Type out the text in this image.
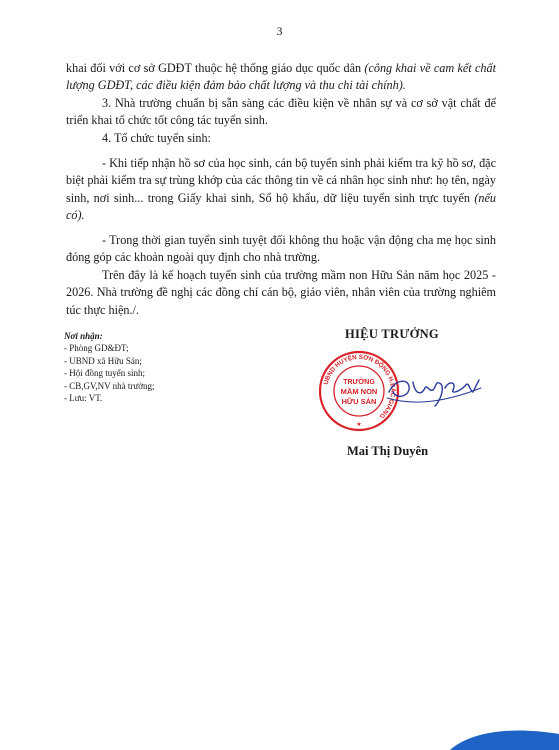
3

khai đối với cơ sở GDĐT thuộc hệ thống giáo dục quốc dân (công khai về cam kết chất lượng GDĐT, các điều kiện đảm bảo chất lượng và thu chi tài chính).

3. Nhà trường chuẩn bị sẵn sàng các điều kiện về nhân sự và cơ sở vật chất để triển khai tổ chức tốt công tác tuyển sinh.

4. Tổ chức tuyển sinh:

- Khi tiếp nhận hồ sơ của học sinh, cán bộ tuyển sinh phải kiểm tra kỹ hồ sơ, đặc biệt phải kiểm tra sự trùng khớp của các thông tin về cá nhân học sinh như: họ tên, ngày sinh, nơi sinh... trong Giấy khai sinh, Sổ hộ khẩu, dữ liệu tuyển sinh trực tuyến (nếu có).

- Trong thời gian tuyển sinh tuyệt đối không thu hoặc vận động cha mẹ học sinh đóng góp các khoản ngoài quy định cho nhà trường.

Trên đây là kế hoạch tuyển sinh của trường mầm non Hữu Sản năm học 2025 - 2026. Nhà trường đề nghị các đồng chí cán bộ, giáo viên, nhân viên của trường nghiêm túc thực hiện./.

Nơi nhận:
- Phòng GD&ĐT;
- UBND xã Hữu Sản;
- Hội đồng tuyển sinh;
- CB,GV,NV nhà trường;
- Lưu: VT.
HIỆU TRƯỞNG
UBND HUYỆN SƠN ĐỘNG H.BẮC GIANG
TRƯỜNG
MẦM NON
HỮU SẢN
★
Mai Thị Duyên
